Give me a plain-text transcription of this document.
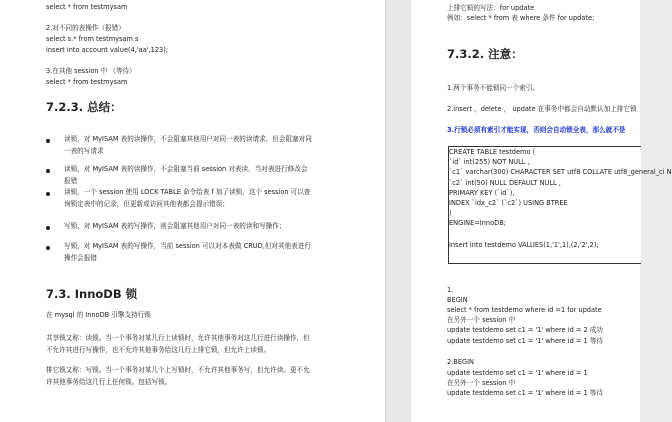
select * from testmysam
2.对不同的表操作（报错）
select s.* from testmysam s
insert into account value(4,'aa',123);
3.在其他 session 中 （等待）
select * from testmysam
7.2.3. 总结：
读锁，对 MyISAM 表的读操作，不会阻塞其他用户对同一表的读请求，但会阻塞对同一表的写请求
读锁，对 MyISAM 表的读操作，不会阻塞当前 session 对表读，当对表进行修改会报错
读锁，一个 session 使用 LOCK TABLE 命令给表 f 加了读锁，这个 session 可以查询锁定表中的记录，但更新或访问其他表都会提示错误；
写锁，对 MyISAM 表的写操作，则会阻塞其他用户对同一表的读和写操作；
写锁，对 MyISAM 表的写操作，当前 session 可以对本表做 CRUD,但对其他表进行操作会报错
7.3. InnoDB 锁
在 mysql 的 InnoDB 引擎支持行锁
共享锁又称：读锁。当一个事务对某几行上读锁时，允许其他事务对这几行进行读操作，但
不允许其进行写操作，也不允许其他事务给这几行上排它锁，但允许上读锁。
排它锁又称：写锁。当一个事务对某几个上写锁时，不允许其他事务写，但允许读。更不允
许其他事务给这几行上任何锁。包括写锁。
上排它锁的写法：for update
例如：select * from 表 where 条件 for update；
7.3.2. 注意：
1.两个事务不能锁同一个索引。
2.insert ，delete ， update 在事务中都会自动默认加上排它锁
3.行锁必须有索引才能实现，否则会自动锁全表，那么就不是
1.
BEGIN
select * from testdemo where id =1 for update
在另外一个 session 中
update testdemo set c1 = '1' where id = 2 成功
update testdemo set c1 = '1' where id = 1 等待
2.BEGIN
update testdemo set c1 = '1' where id = 1
在另外一个 session 中
update testdemo set c1 = '1' where id = 1 等待
CREATE TABLE testdemo (
`id` int(255) NOT NULL ,
`c1` varchar(300) CHARACTER SET utf8 COLLATE utf8_general_ci N
`c2` int(50) NULL DEFAULT NULL ,
PRIMARY KEY (`id`),
INDEX `idx_c2` (`c2`) USING BTREE
)
ENGINE=InnoDB;
insert into testdemo VALUES(1,'1',1),(2,'2',2);
